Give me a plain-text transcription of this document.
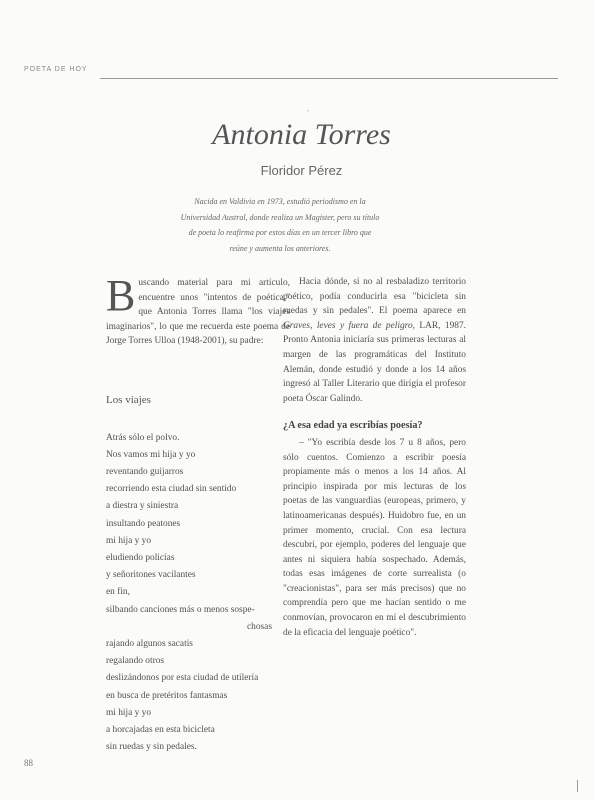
POETA DE HOY
ˆ
Antonia Torres
Floridor Pérez
Nacida en Valdivia en 1973, estudió periodismo en la Universidad Austral, donde realiza un Magister, pero su título de poeta lo reafirma por estos días en un tercer libro que reúne y aumenta los anteriores.

Buscando material para mi artículo, encuentre unos "intentos de poética," que Antonia Torres llama "los viajes imaginarios", lo que me recuerda este poema de Jorge Torres Ulloa (1948-2001), su padre:

Los viajes

Atrás sólo el polvo.

Nos vamos mi hija y yo

reventando guijarros

recorriendo esta ciudad sin sentido

a diestra y siniestra

insultando peatones

mi hija y yo

eludiendo policías

y señoritones vacilantes

en fin,

silbando canciones más o menos sospe-

chosas

rajando algunos sacatis

regalando otros

deslizándonos por esta ciudad de utilería

en busca de pretéritos fantasmas

mi hija y yo

a horcajadas en esta bicicleta

sin ruedas y sin pedales.

Hacia dónde, si no al resbaladizo territorio poético, podía conducirla esa "bicicleta sin ruedas y sin pedales". El poema aparece en Graves, leves y fuera de peligro, LAR, 1987. Pronto Antonia iniciaría sus primeras lecturas al margen de las programáticas del Instituto Alemán, donde estudió y donde a los 14 años ingresó al Taller Literario que dirigía el profesor poeta Óscar Galindo.

¿A esa edad ya escribías poesía?

– "Yo escribía desde los 7 u 8 años, pero sólo cuentos. Comienzo a escribir poesía propiamente más o menos a los 14 años. Al principio inspirada por mis lecturas de los poetas de las vanguardias (europeas, primero, y latinoamericanas después). Huidobro fue, en un primer momento, crucial. Con esa lectura descubrí, por ejemplo, poderes del lenguaje que antes ni siquiera había sospechado. Además, todas esas imágenes de corte surrealista (o "creacionistas", para ser más precisos) que no comprendía pero que me hacían sentido o me conmovían, provocaron en mí el descubrimiento de la eficacia del lenguaje poético".

88
